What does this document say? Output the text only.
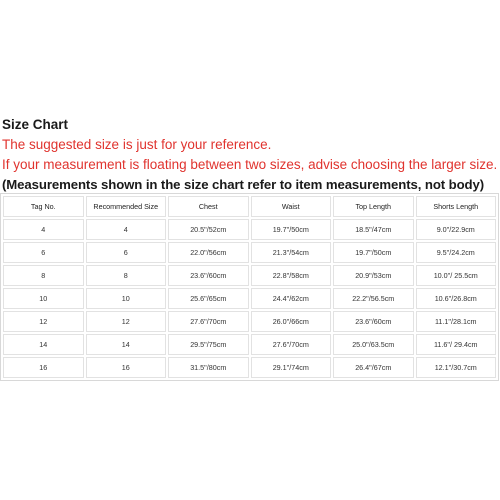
Size Chart
The suggested size is just for your reference.
If your measurement is floating between two sizes, advise choosing the larger size.
(Measurements shown in the size chart refer to item measurements, not body)
Tag No.	Recommended Size	Chest	Waist	Top Length	Shorts Length
4	4	20.5"/52cm	19.7"/50cm	18.5"/47cm	9.0"/22.9cm
6	6	22.0"/56cm	21.3"/54cm	19.7"/50cm	9.5"/24.2cm
8	8	23.6"/60cm	22.8"/58cm	20.9"/53cm	10.0"/ 25.5cm
10	10	25.6"/65cm	24.4"/62cm	22.2"/56.5cm	10.6"/26.8cm
12	12	27.6"/70cm	26.0"/66cm	23.6"/60cm	11.1"/28.1cm
14	14	29.5"/75cm	27.6"/70cm	25.0"/63.5cm	11.6"/ 29.4cm
16	16	31.5"/80cm	29.1"/74cm	26.4"/67cm	12.1"/30.7cm
